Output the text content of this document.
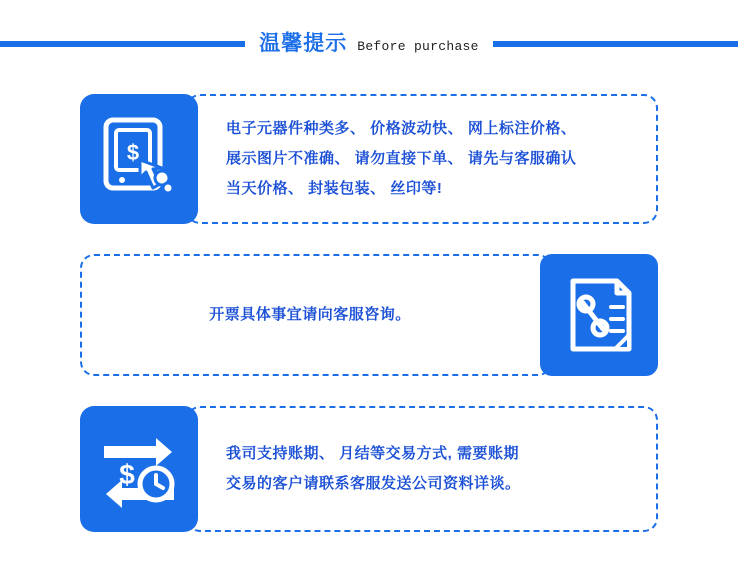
温馨提示 Before purchase
$
电子元器件种类多、 价格波动快、 网上标注价格、
展示图片不准确、 请勿直接下单、 请先与客服确认
当天价格、 封装包装、 丝印等!
开票具体事宜请向客服咨询。
$
我司支持账期、 月结等交易方式, 需要账期
交易的客户请联系客服发送公司资料详谈。
